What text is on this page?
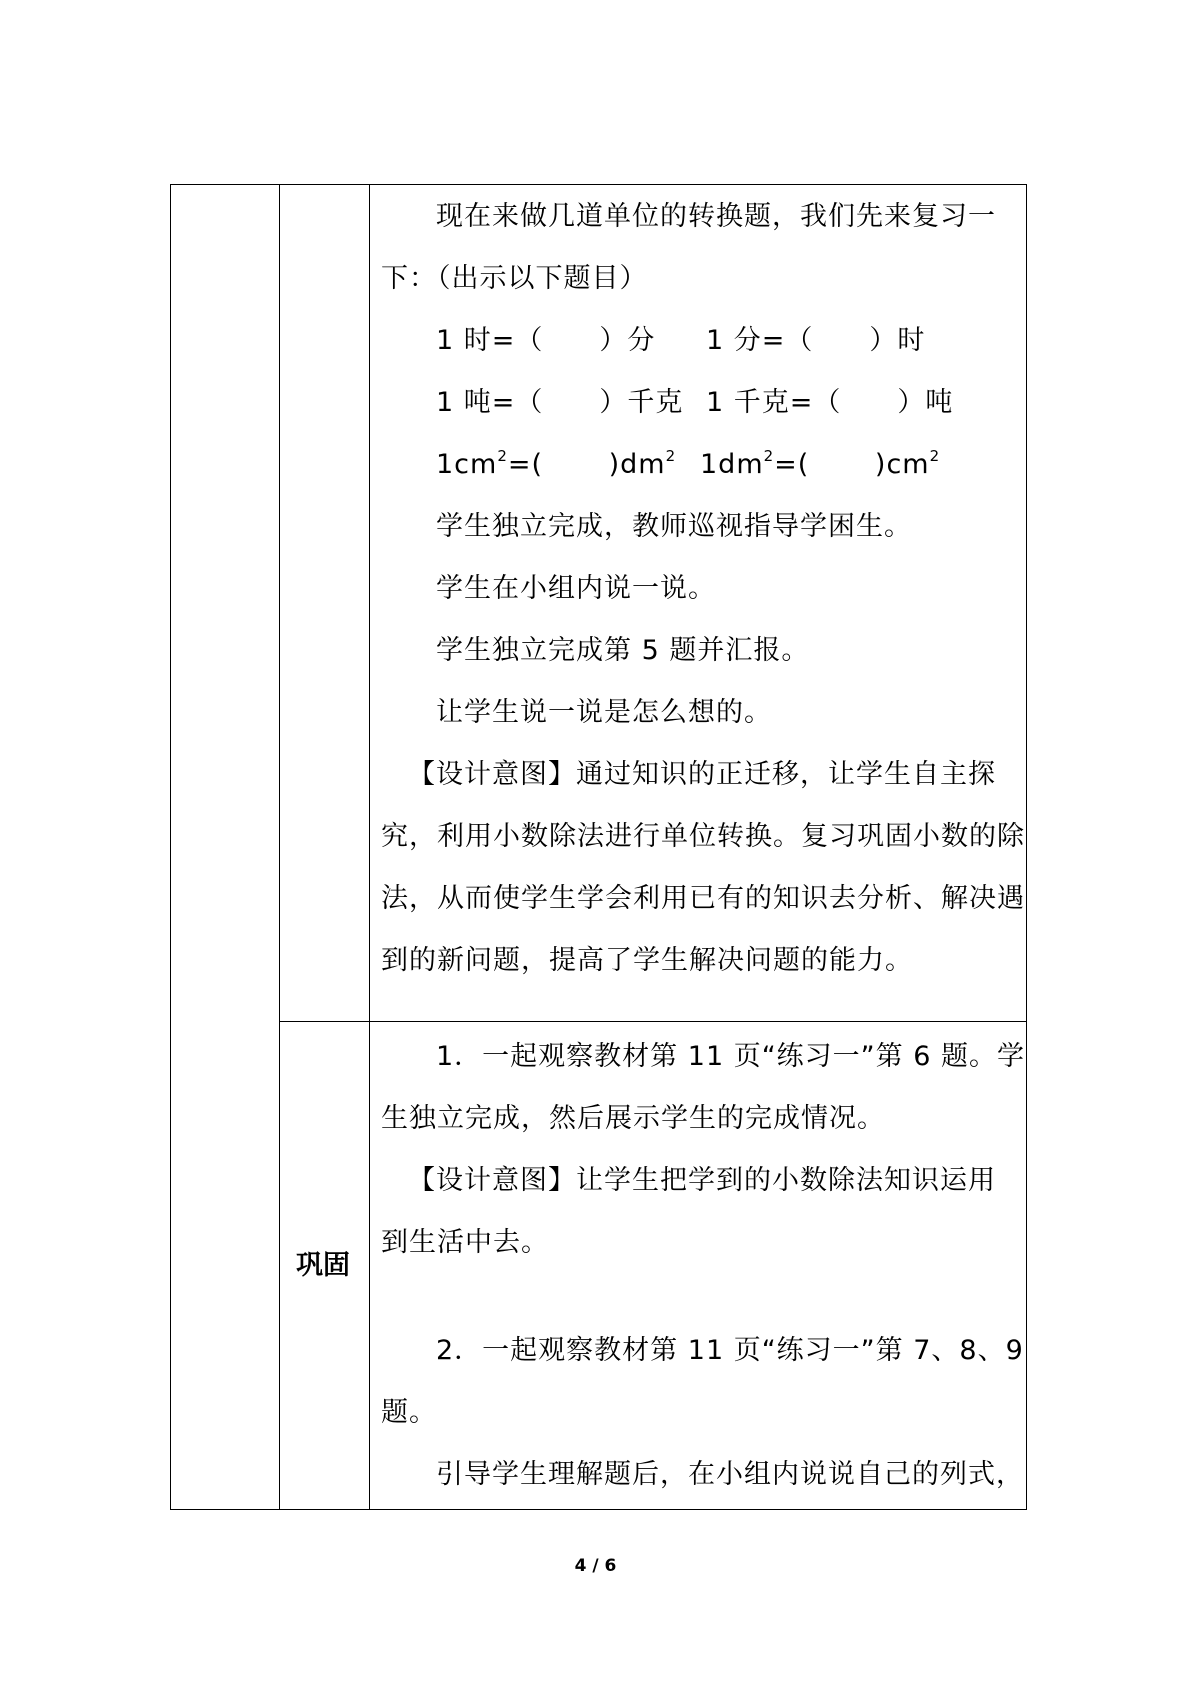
现在来做几道单位的转换题，我们先来复习一
下：（出示以下题目）
1 时=（　　）分 1 分=（　　）时
1 吨=（　　）千克 1 千克=（　　）吨
$1cm^2=$(　　 )$dm^2$ $1dm^2=$(　　 )$cm^2$
学生独立完成，教师巡视指导学困生。
学生在小组内说一说。
学生独立完成第 5 题并汇报。
让学生说一说是怎么想的。
【设计意图】通过知识的正迁移，让学生自主探
究，利用小数除法进行单位转换。复习巩固小数的除
法，从而使学生学会利用已有的知识去分析、解决遇
到的新问题，提高了学生解决问题的能力。
巩固
1．一起观察教材第 11 页“练习一”第 6 题。学
生独立完成，然后展示学生的完成情况。
【设计意图】让学生把学到的小数除法知识运用
到生活中去。
2．一起观察教材第 11 页“练习一”第 7、8、9
题。
引导学生理解题后，在小组内说说自己的列式，
4 / 6
